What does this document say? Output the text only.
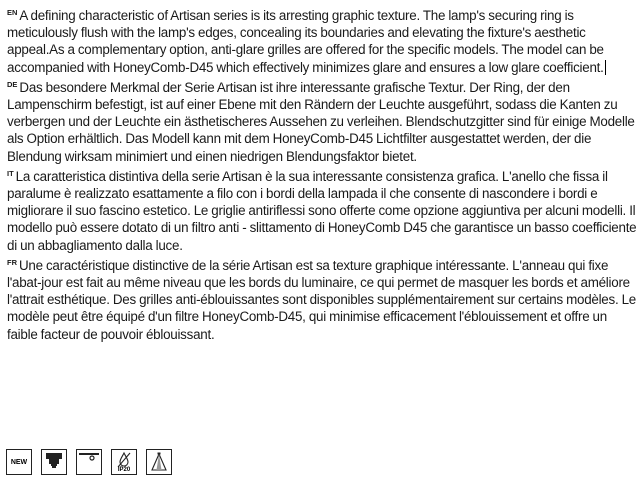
$^{EN}$ A defining characteristic of Artisan series is its arresting graphic texture. The lamp's securing ring is meticulously flush with the lamp's edges, concealing its boundaries and elevating the fixture's aesthetic appeal.As a complementary option, anti-glare grilles are offered for the specific models. The model can be accompanied with HoneyComb-D45 which effectively minimizes glare and ensures a low glare coefficient.

$^{DE}$ Das besondere Merkmal der Serie Artisan ist ihre interessante grafische Textur. Der Ring, der den Lampenschirm befestigt, ist auf einer Ebene mit den Rändern der Leuchte ausgeführt, sodass die Kanten zu verbergen und der Leuchte ein ästhetischeres Aussehen zu verleihen. Blendschutzgitter sind für einige Modelle als Option erhältlich. Das Modell kann mit dem HoneyComb-D45 Lichtfilter ausgestattet werden, der die Blendung wirksam minimiert und einen niedrigen Blendungsfaktor bietet.

$^{IT}$ La caratteristica distintiva della serie Artisan è la sua interessante consistenza grafica. L'anello che fissa il paralume è realizzato esattamente a filo con i bordi della lampada il che consente di nascondere i bordi e migliorare il suo fascino estetico. Le griglie antiriflessi sono offerte come opzione aggiuntiva per alcuni modelli. Il modello può essere dotato di un filtro anti - slittamento di HoneyComb D45 che garantisce un basso coefficiente di un abbagliamento dalla luce.

$^{FR}$ Une caractéristique distinctive de la série Artisan est sa texture graphique intéressante. L'anneau qui fixe l'abat-jour est fait au même niveau que les bords du luminaire, ce qui permet de masquer les bords et améliore l'attrait esthétique. Des grilles anti-éblouissantes sont disponibles supplémentairement sur certains modèles. Le modèle peut être équipé d'un filtre HoneyComb-D45, qui minimise efficacement l'éblouissement et offre un faible facteur de pouvoir éblouissant.

NEW
IP20
